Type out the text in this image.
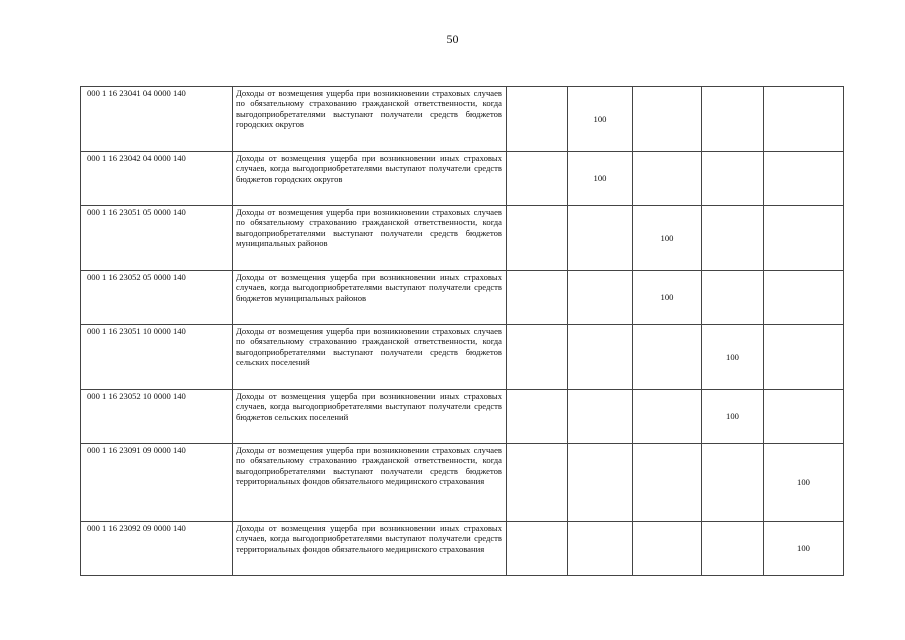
50
000 1 16 23041 04 0000 140	Доходы от возмещения ущерба при возникновении страховых случаев по обязательному страхованию гражданской ответственности, когда выгодоприобретателями выступают получатели средств бюджетов городских округов		100			
000 1 16 23042 04 0000 140	Доходы от возмещения ущерба при возникновении иных страховых случаев, когда выгодоприобретателями выступают получатели средств бюджетов городских округов		100			
000 1 16 23051 05 0000 140	Доходы от возмещения ущерба при возникновении страховых случаев по обязательному страхованию гражданской ответственности, когда выгодоприобретателями выступают получатели средств бюджетов муниципальных районов			100		
000 1 16 23052 05 0000 140	Доходы от возмещения ущерба при возникновении иных страховых случаев, когда выгодоприобретателями выступают получатели средств бюджетов муниципальных районов			100		
000 1 16 23051 10 0000 140	Доходы от возмещения ущерба при возникновении страховых случаев по обязательному страхованию гражданской ответственности, когда выгодоприобретателями выступают получатели средств бюджетов сельских поселений				100	
000 1 16 23052 10 0000 140	Доходы от возмещения ущерба при возникновении иных страховых случаев, когда выгодоприобретателями выступают получатели средств бюджетов сельских поселений				100	
000 1 16 23091 09 0000 140	Доходы от возмещения ущерба при возникновении страховых случаев по обязательному страхованию гражданской ответственности, когда выгодоприобретателями выступают получатели средств бюджетов территориальных фондов обязательного медицинского страхования					100
000 1 16 23092 09 0000 140	Доходы от возмещения ущерба при возникновении иных страховых случаев, когда выгодоприобретателями выступают получатели средств территориальных фондов обязательного медицинского страхования					100
